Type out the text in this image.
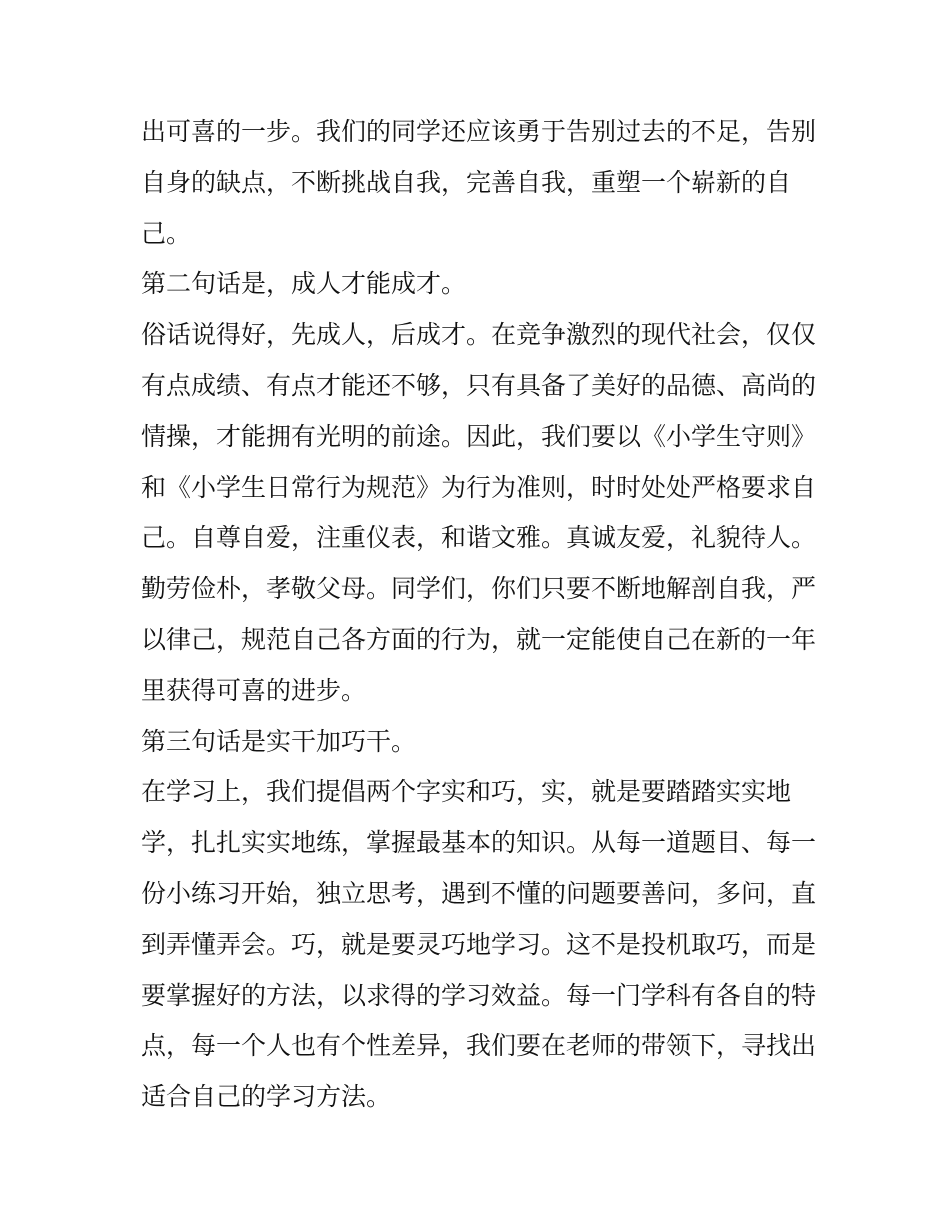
出可喜的一步。我们的同学还应该勇于告别过去的不足，告别
自身的缺点，不断挑战自我，完善自我，重塑一个崭新的自
己。
第二句话是，成人才能成才。
俗话说得好，先成人，后成才。在竞争激烈的现代社会，仅仅
有点成绩、有点才能还不够，只有具备了美好的品德、高尚的
情操，才能拥有光明的前途。因此，我们要以《小学生守则》
和《小学生日常行为规范》为行为准则，时时处处严格要求自
己。自尊自爱，注重仪表，和谐文雅。真诚友爱，礼貌待人。
勤劳俭朴，孝敬父母。同学们，你们只要不断地解剖自我，严
以律己，规范自己各方面的行为，就一定能使自己在新的一年
里获得可喜的进步。
第三句话是实干加巧干。
在学习上，我们提倡两个字实和巧，实，就是要踏踏实实地
学，扎扎实实地练，掌握最基本的知识。从每一道题目、每一
份小练习开始，独立思考，遇到不懂的问题要善问，多问，直
到弄懂弄会。巧，就是要灵巧地学习。这不是投机取巧，而是
要掌握好的方法，以求得的学习效益。每一门学科有各自的特
点，每一个人也有个性差异，我们要在老师的带领下，寻找出
适合自己的学习方法。
